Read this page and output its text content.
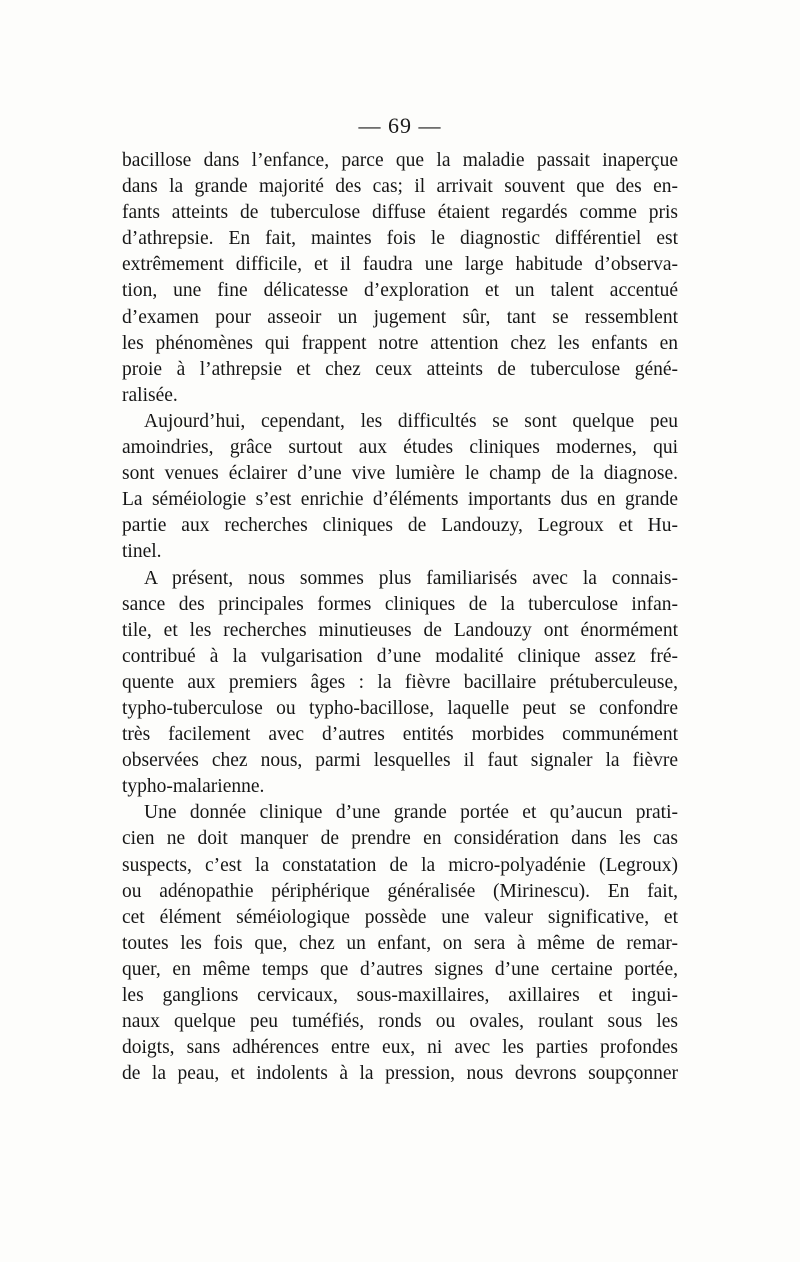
— 69 —
bacillose dans l’enfance, parce que la maladie passait inaperçue
dans la grande majorité des cas; il arrivait souvent que des en-
fants atteints de tuberculose diffuse étaient regardés comme pris
d’athrepsie. En fait, maintes fois le diagnostic différentiel est
extrêmement difficile, et il faudra une large habitude d’observa-
tion, une fine délicatesse d’exploration et un talent accentué
d’examen pour asseoir un jugement sûr, tant se ressemblent
les phénomènes qui frappent notre attention chez les enfants en
proie à l’athrepsie et chez ceux atteints de tuberculose géné-
ralisée.
Aujourd’hui, cependant, les difficultés se sont quelque peu
amoindries, grâce surtout aux études cliniques modernes, qui
sont venues éclairer d’une vive lumière le champ de la diagnose.
La séméiologie s’est enrichie d’éléments importants dus en grande
partie aux recherches cliniques de Landouzy, Legroux et Hu-
tinel.
A présent, nous sommes plus familiarisés avec la connais-
sance des principales formes cliniques de la tuberculose infan-
tile, et les recherches minutieuses de Landouzy ont énormément
contribué à la vulgarisation d’une modalité clinique assez fré-
quente aux premiers âges : la fièvre bacillaire prétuberculeuse,
typho-tuberculose ou typho-bacillose, laquelle peut se confondre
très facilement avec d’autres entités morbides communément
observées chez nous, parmi lesquelles il faut signaler la fièvre
typho-malarienne.
Une donnée clinique d’une grande portée et qu’aucun prati-
cien ne doit manquer de prendre en considération dans les cas
suspects, c’est la constatation de la micro-polyadénie (Legroux)
ou adénopathie périphérique généralisée (Mirinescu). En fait,
cet élément séméiologique possède une valeur significative, et
toutes les fois que, chez un enfant, on sera à même de remar-
quer, en même temps que d’autres signes d’une certaine portée,
les ganglions cervicaux, sous-maxillaires, axillaires et ingui-
naux quelque peu tuméfiés, ronds ou ovales, roulant sous les
doigts, sans adhérences entre eux, ni avec les parties profondes
de la peau, et indolents à la pression, nous devrons soupçonner
